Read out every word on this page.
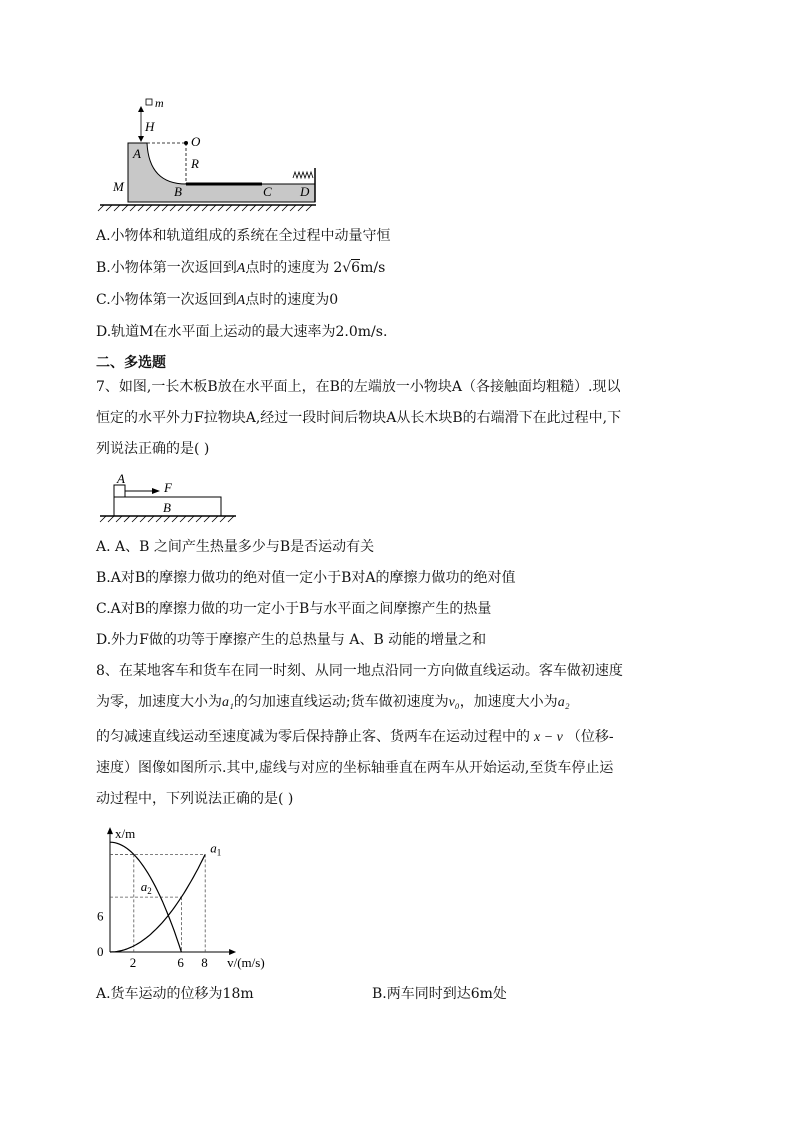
m
H
O
R
A
M	B	C D
A.小物体和轨道组成的系统在全过程中动量守恒
B.小物体第一次返回到A点时的速度为 2√6m/s
C.小物体第一次返回到A点时的速度为0
D.轨道M在水平面上运动的最大速率为2.0m/s.
二、多选题
7、如图,一长木板B放在水平面上，在B的左端放一小物块A（各接触面均粗糙）.现以
恒定的水平外力F拉物块A,经过一段时间后物块A从长木块B的右端滑下在此过程中,下
列说法正确的是( )
A
F
B
A. A、B 之间产生热量多少与B是否运动有关
B.A对B的摩擦力做功的绝对值一定小于B对A的摩擦力做功的绝对值
C.A对B的摩擦力做的功一定小于B与水平面之间摩擦产生的热量
D.外力F做的功等于摩擦产生的总热量与 A、B 动能的增量之和
8、在某地客车和货车在同一时刻、从同一地点沿同一方向做直线运动。客车做初速度
为零，加速度大小为a₁的匀加速直线运动;货车做初速度为v₀，加速度大小为a₂
的匀减速直线运动至速度减为零后保持静止客、货两车在运动过程中的 x − v （位移-
速度）图像如图所示.其中,虚线与对应的坐标轴垂直在两车从开始运动,至货车停止运
动过程中，下列说法正确的是( )
$a_1$
$a_2$
2	6 8
0
6
v/(m/s)
x/m
A.货车运动的位移为18m	B.两车同时到达6m处
